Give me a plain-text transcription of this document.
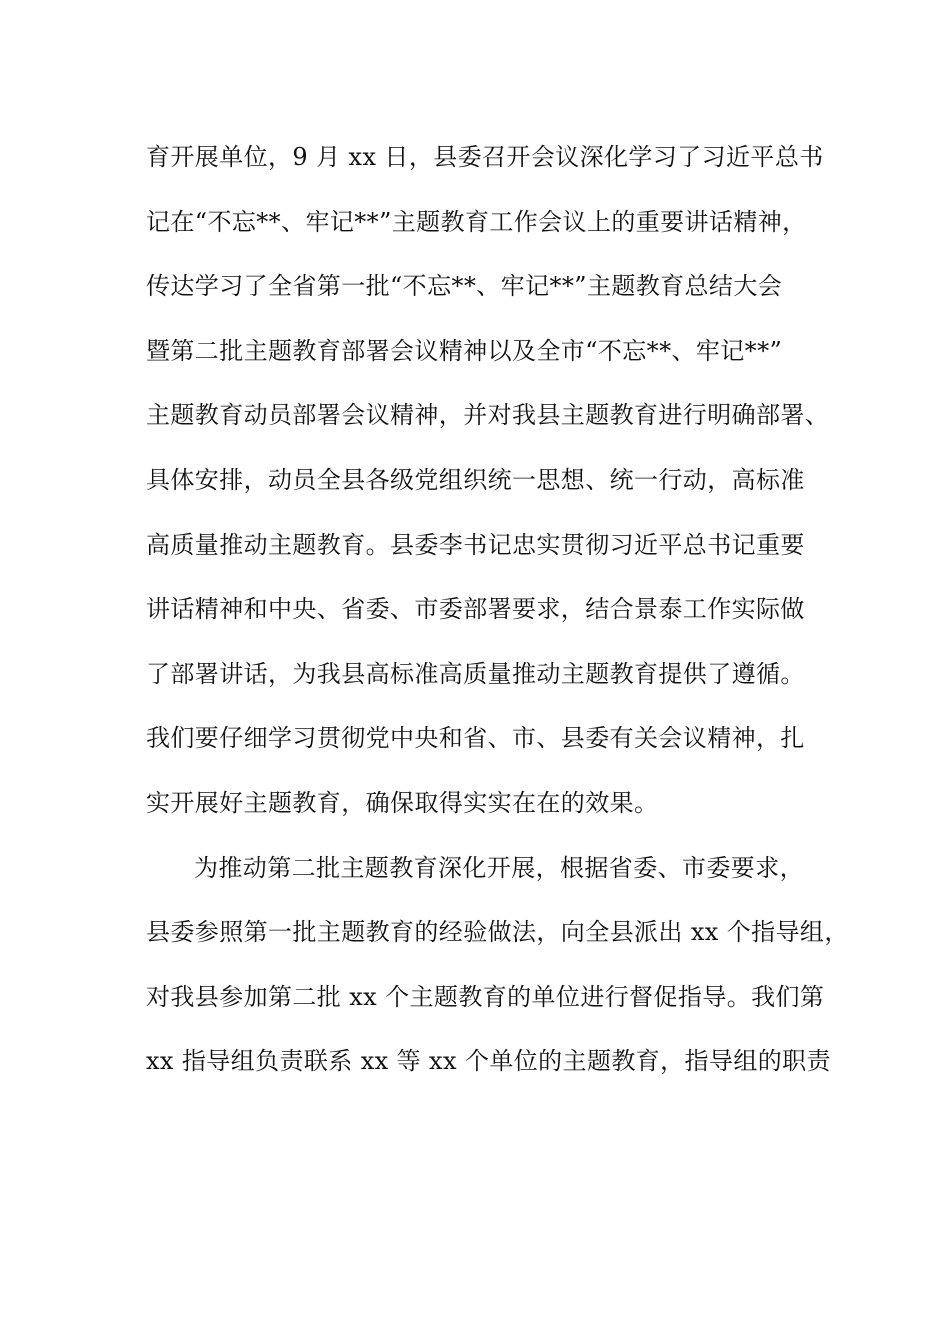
育开展单位，9 月 xx 日，县委召开会议深化学习了习近平总书
记在“不忘**、牢记**”主题教育工作会议上的重要讲话精神，
传达学习了全省第一批“不忘**、牢记**”主题教育总结大会
暨第二批主题教育部署会议精神以及全市“不忘**、牢记**”
主题教育动员部署会议精神，并对我县主题教育进行明确部署、
具体安排，动员全县各级党组织统一思想、统一行动，高标准
高质量推动主题教育。县委李书记忠实贯彻习近平总书记重要
讲话精神和中央、省委、市委部署要求，结合景泰工作实际做
了部署讲话，为我县高标准高质量推动主题教育提供了遵循。
我们要仔细学习贯彻党中央和省、市、县委有关会议精神，扎
实开展好主题教育，确保取得实实在在的效果。
为推动第二批主题教育深化开展，根据省委、市委要求，
县委参照第一批主题教育的经验做法，向全县派出 xx 个指导组，
对我县参加第二批 xx 个主题教育的单位进行督促指导。我们第
xx 指导组负责联系 xx 等 xx 个单位的主题教育，指导组的职责
